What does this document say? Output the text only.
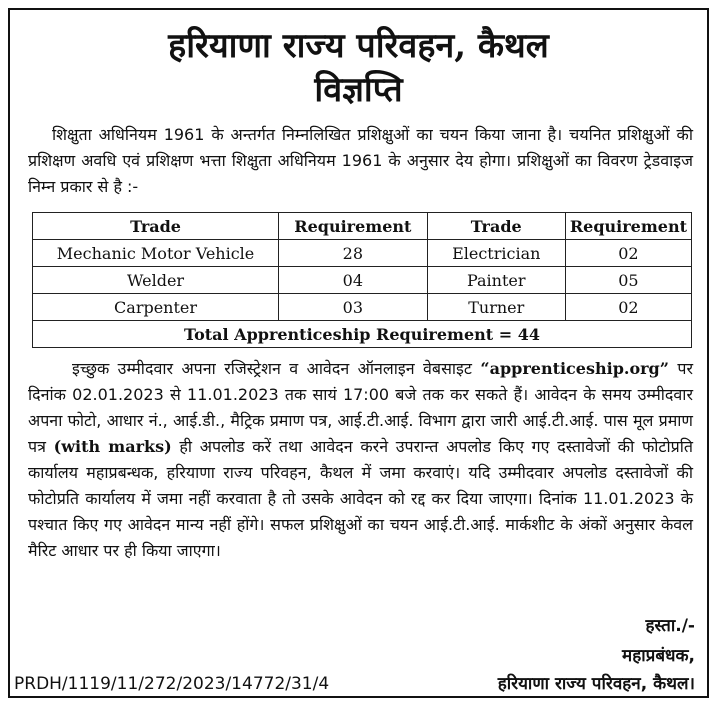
हरियाणा राज्य परिवहन, कैथल
विज्ञप्ति
शिक्षुता अधिनियम 1961 के अन्तर्गत निम्नलिखित प्रशिक्षुओं का चयन किया जाना है। चयनित प्रशिक्षुओं की प्रशिक्षण अवधि एवं प्रशिक्षण भत्ता शिक्षुता अधिनियम 1961 के अनुसार देय होगा। प्रशिक्षुओं का विवरण ट्रेडवाइज निम्न प्रकार से है :-
Trade	Requirement	Trade	Requirement
Mechanic Motor Vehicle	28	Electrician	02
Welder	04	Painter	05
Carpenter	03	Turner	02
Total Apprenticeship Requirement = 44			
इच्छुक उम्मीदवार अपना रजिस्ट्रेशन व आवेदन ऑनलाइन वेबसाइट “apprenticeship.org” पर दिनांक 02.01.2023 से 11.01.2023 तक सायं 17:00 बजे तक कर सकते हैं। आवेदन के समय उम्मीदवार अपना फोटो, आधार नं., आई.डी., मैट्रिक प्रमाण पत्र, आई.टी.आई. विभाग द्वारा जारी आई.टी.आई. पास मूल प्रमाण पत्र (with marks) ही अपलोड करें तथा आवेदन करने उपरान्त अपलोड किए गए दस्तावेजों की फोटोप्रति कार्यालय महाप्रबन्धक, हरियाणा राज्य परिवहन, कैथल में जमा करवाएं। यदि उम्मीदवार अपलोड दस्तावेजों की फोटोप्रति कार्यालय में जमा नहीं करवाता है तो उसके आवेदन को रद्द कर दिया जाएगा। दिनांक 11.01.2023 के पश्चात किए गए आवेदन मान्य नहीं होंगे। सफल प्रशिक्षुओं का चयन आई.टी.आई. मार्कशीट के अंकों अनुसार केवल मैरिट आधार पर ही किया जाएगा।
हस्ता./-
महाप्रबंधक,
हरियाणा राज्य परिवहन, कैथल।
PRDH/1119/11/272/2023/14772/31/4
